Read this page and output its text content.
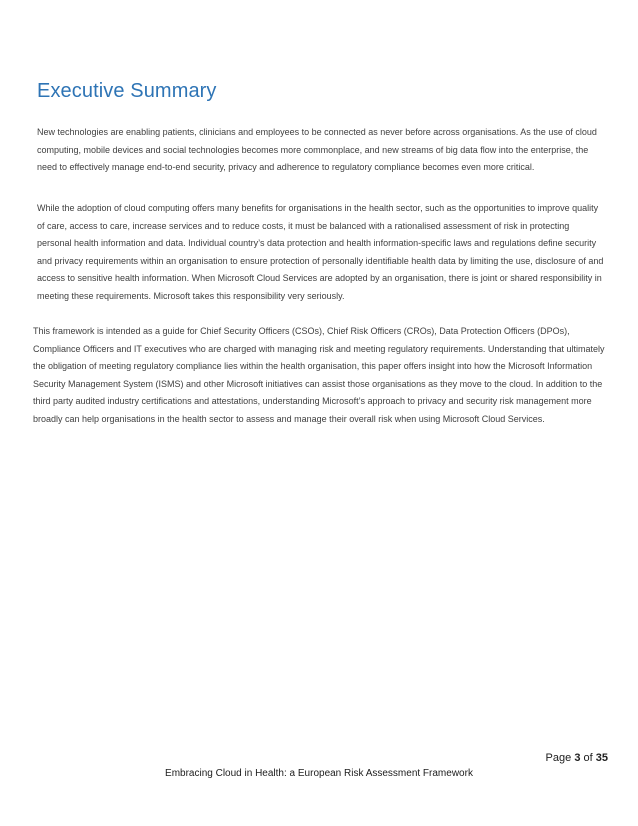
Executive Summary

New technologies are enabling patients, clinicians and employees to be connected as never before across organisations. As the use of cloud computing, mobile devices and social technologies becomes more commonplace, and new streams of big data flow into the enterprise, the need to effectively manage end-to-end security, privacy and adherence to regulatory compliance becomes even more critical.

While the adoption of cloud computing offers many benefits for organisations in the health sector, such as the opportunities to improve quality of care, access to care, increase services and to reduce costs, it must be balanced with a rationalised assessment of risk in protecting personal health information and data. Individual country’s data protection and health information-specific laws and regulations define security and privacy requirements within an organisation to ensure protection of personally identifiable health data by limiting the use, disclosure of and access to sensitive health information. When Microsoft Cloud Services are adopted by an organisation, there is joint or shared responsibility in meeting these requirements. Microsoft takes this responsibility very seriously.

This framework is intended as a guide for Chief Security Officers (CSOs), Chief Risk Officers (CROs), Data Protection Officers (DPOs), Compliance Officers and IT executives who are charged with managing risk and meeting regulatory requirements. Understanding that ultimately the obligation of meeting regulatory compliance lies within the health organisation, this paper offers insight into how the Microsoft Information Security Management System (ISMS) and other Microsoft initiatives can assist those organisations as they move to the cloud. In addition to the third party audited industry certifications and attestations, understanding Microsoft’s approach to privacy and security risk management more broadly can help organisations in the health sector to assess and manage their overall risk when using Microsoft Cloud Services.

Page 3 of 35
Embracing Cloud in Health: a European Risk Assessment Framework
